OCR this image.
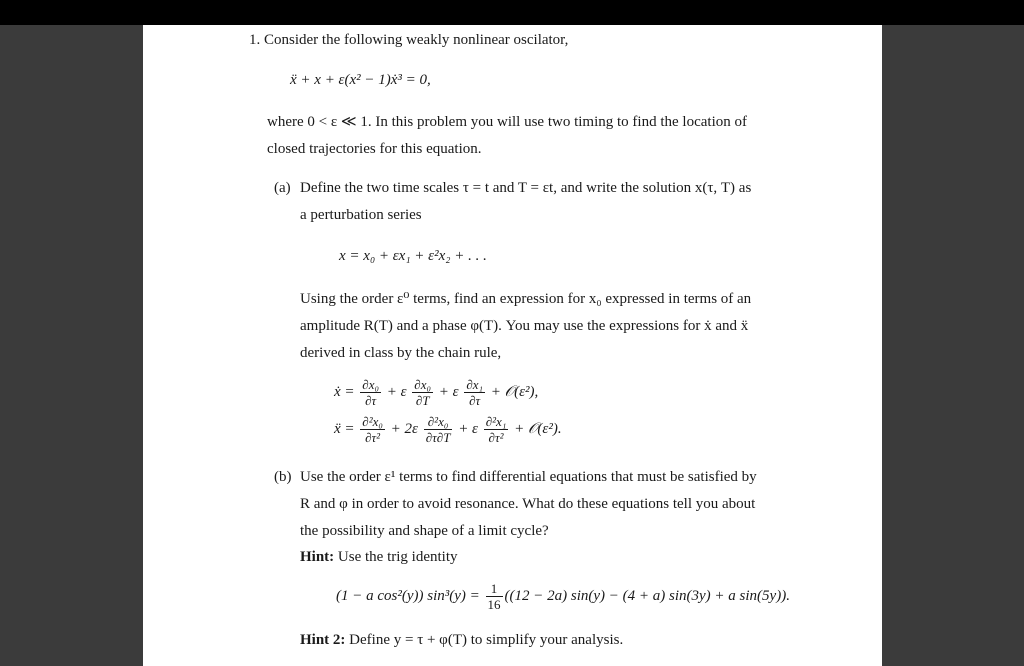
1. Consider the following weakly nonlinear oscilator,
ẍ + x + ε(x² − 1)ẋ³ = 0,
where 0 < ε ≪ 1. In this problem you will use two timing to find the location of
closed trajectories for this equation.
(a) Define the two time scales τ = t and T = εt, and write the solution x(τ, T) as
a perturbation series
x = x₀ + εx₁ + ε²x₂ + . . .
Using the order ε⁰ terms, find an expression for x₀ expressed in terms of an
amplitude R(T) and a phase φ(T). You may use the expressions for ẋ and ẍ
derived in class by the chain rule,
ẋ = $\frac{\text{∂x₀}}{\partial\tau} + \varepsilon \frac{\text{∂x₀}}{\partial T} + \varepsilon \frac{\text{∂x₁}}{\partial\tau}$ + 𝒪(ε²),
ẍ = $\frac{\text{∂²x₀}}{\text{∂τ²}} + 2\varepsilon \frac{\text{∂²x₀}}{\partial\tau\partial T} + \varepsilon \frac{\text{∂²x₁}}{\text{∂τ²}}$ + 𝒪(ε²).
(b) Use the order ε¹ terms to find differential equations that must be satisfied by
R and φ in order to avoid resonance. What do these equations tell you about
the possibility and shape of a limit cycle?
Hint: Use the trig identity
(1 − a cos²(y)) $\sin^3(y) = \frac{1}{16} ((12 - 2a) \sin(y) - (4 + a) \sin(3y) + a$ sin(5y)).
Hint 2: Define y = τ + φ(T) to simplify your analysis.
